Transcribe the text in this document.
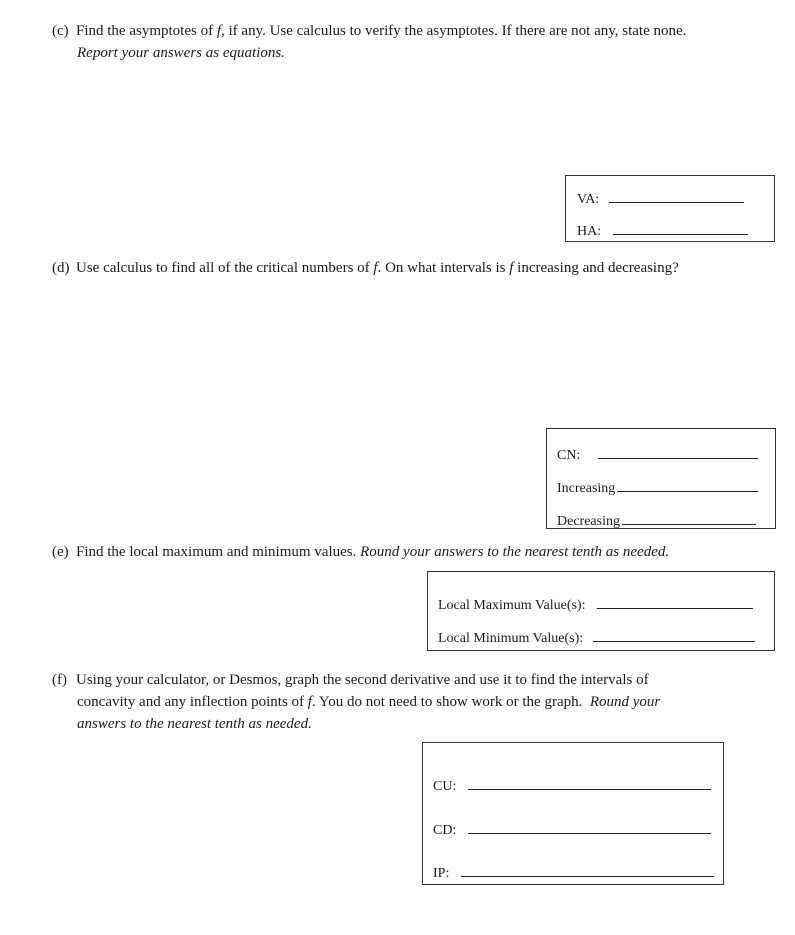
(c) Find the asymptotes of f, if any. Use calculus to verify the asymptotes. If there are not any, state none.
Report your answers as equations.
VA:
HA:
(d) Use calculus to find all of the critical numbers of f. On what intervals is f increasing and decreasing?
CN:
Increasing
Decreasing
(e) Find the local maximum and minimum values. Round your answers to the nearest tenth as needed.
Local Maximum Value(s):
Local Minimum Value(s):
(f) Using your calculator, or Desmos, graph the second derivative and use it to find the intervals of
concavity and any inflection points of f. You do not need to show work or the graph. Round your
answers to the nearest tenth as needed.
CU:
CD:
IP:
